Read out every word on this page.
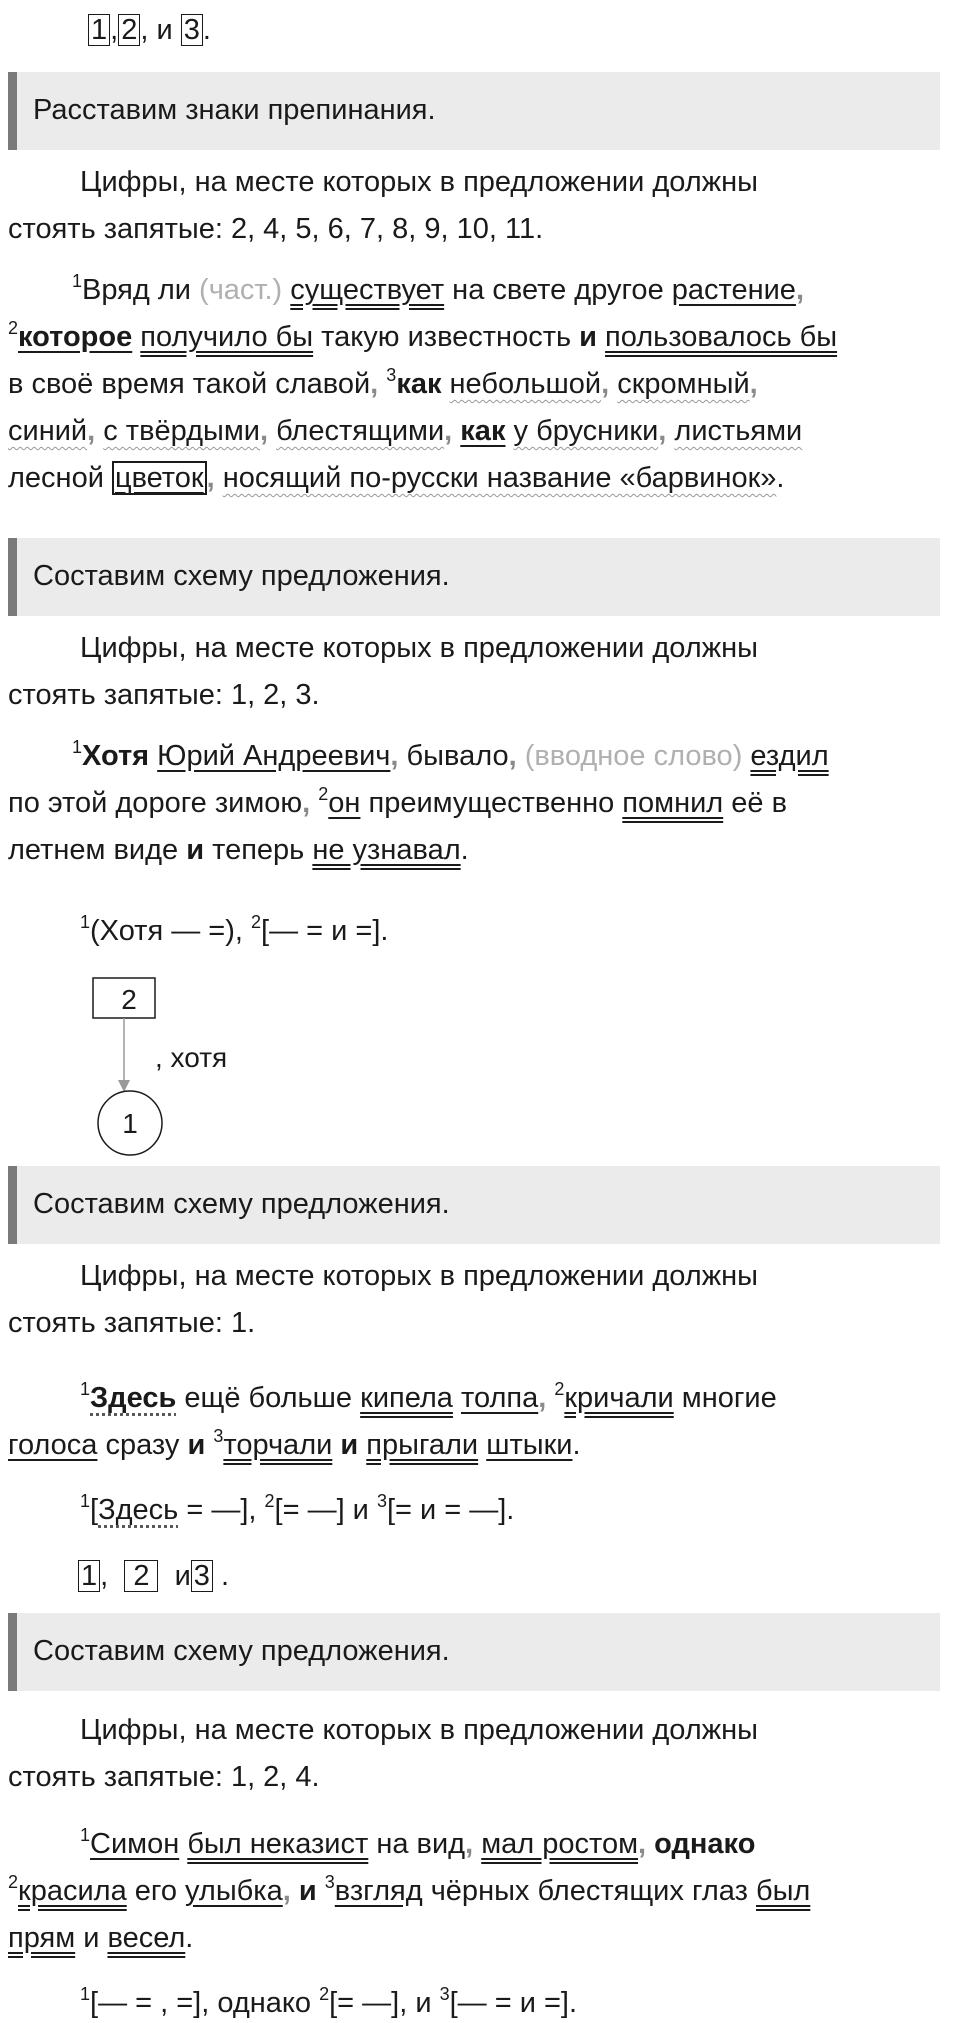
1 , 2 , и 3 .
Расставим знаки препинания.
Цифры, на месте которых в предложении должны
стоять запятые: 2, 4, 5, 6, 7, 8, 9, 10, 11.
$^1$Вряд ли (част.) существует на свете другое растение,
$^2$которое получило бы такую известность и пользовалось бы
в своё время такой славой, $^3$как небольшой, скромный,
синий, с твёрдыми, блестящими, как у брусники, листьями
лесной цветок , носящий по-русски название «барвинок».
Составим схему предложения.
Цифры, на месте которых в предложении должны
стоять запятые: 1, 2, 3.
$^1$Хотя Юрий Андреевич, бывало, (вводное слово) ездил
по этой дороге зимою, $^2$он преимущественно помнил её в
летнем виде и теперь не узнавал.
$^1$(Хотя — =), $^2$[— = и =].
2
, хотя
1
Составим схему предложения.
Цифры, на месте которых в предложении должны
стоять запятые: 1.
$^1$Здесь ещё больше кипела толпа, $^2$кричали многие
голоса сразу и $^3$торчали и прыгали штыки.
$^1$[Здесь = —], $^2$[= —] и $^3$[= и = —].
1 , 2 и 3 .
Составим схему предложения.
Цифры, на месте которых в предложении должны
стоять запятые: 1, 2, 4.
$^1$Симон был неказист на вид, мал ростом, однако
$^2$красила его улыбка, и $^3$взгляд чёрных блестящих глаз был
прям и весел.
$^1$[— = , =], однако $^2$[= —], и $^3$[— = и =].
